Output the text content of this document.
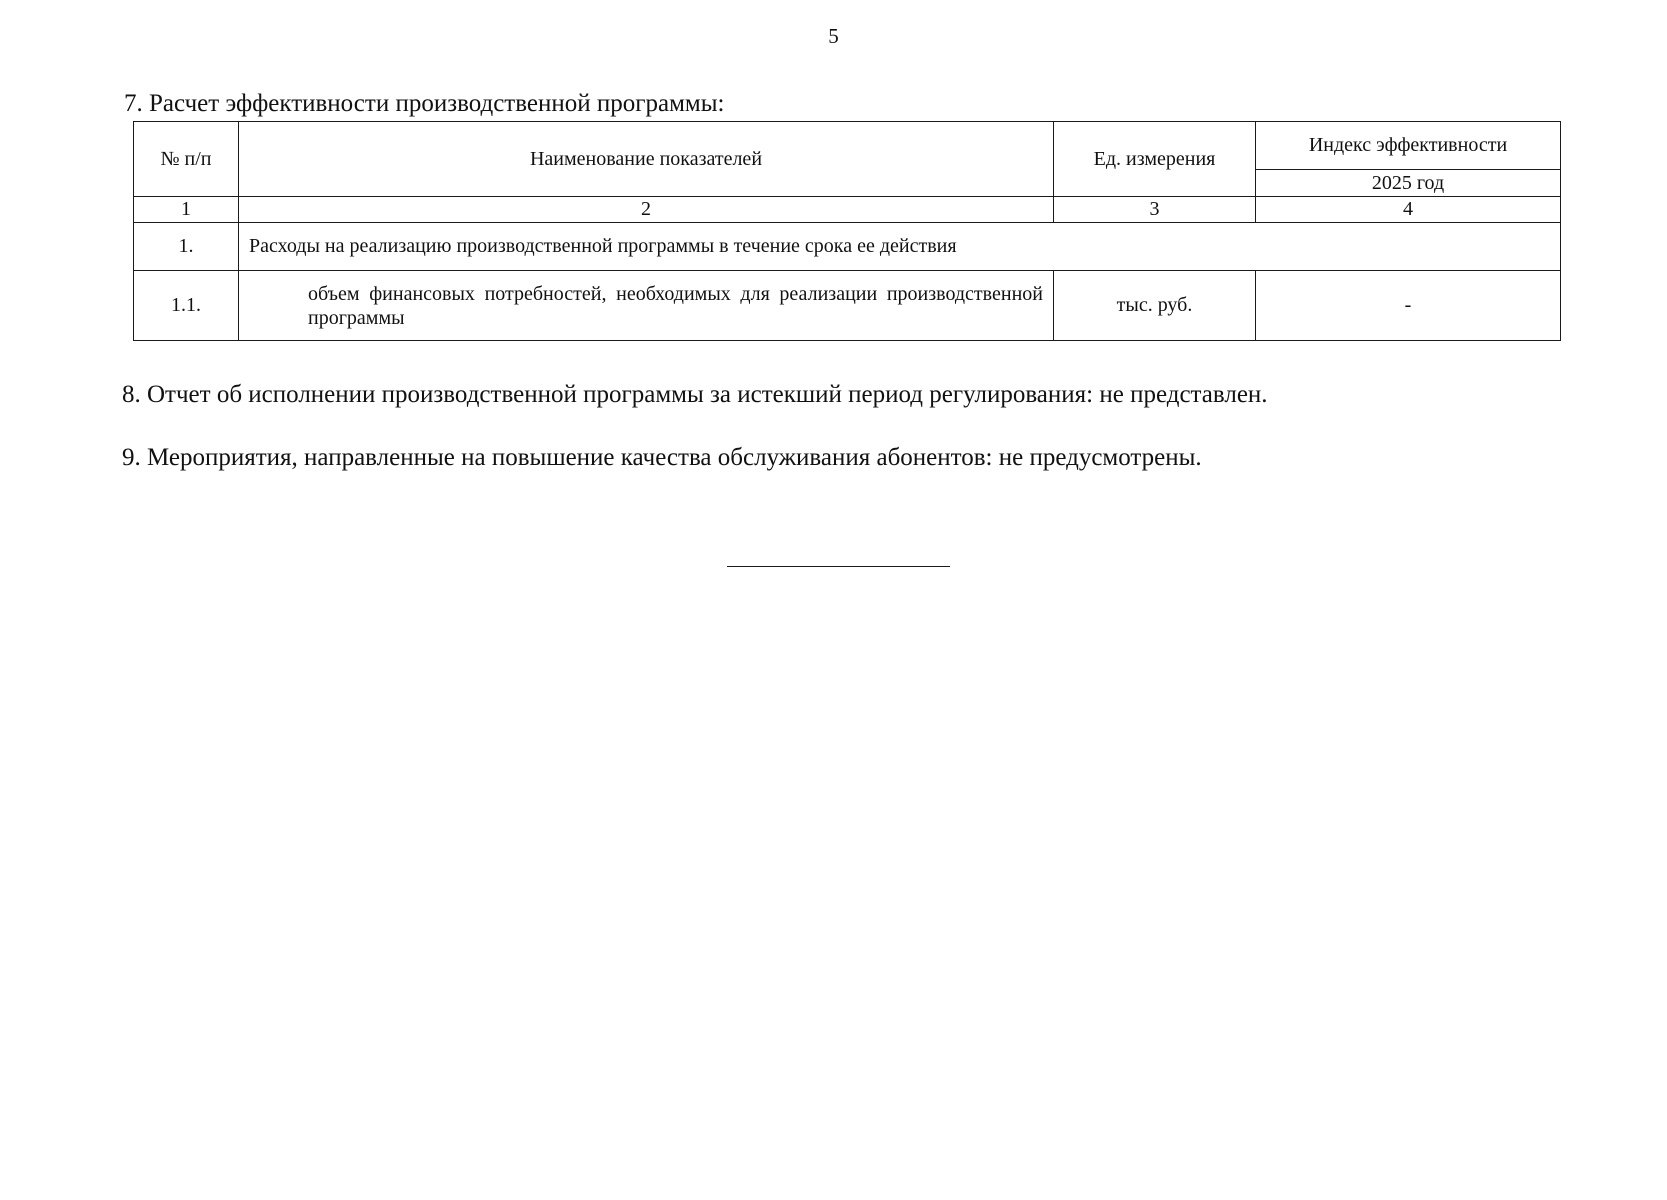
5
7. Расчет эффективности производственной программы:
№ п/п	Наименование показателей	Ед. измерения	Индекс эффективности
			2025 год
1	2	3	4
1.	Расходы на реализацию производственной программы в течение срока ее действия		
1.1.	объем финансовых потребностей, необходимых для реализации производственной программы	тыс. руб.	-
8. Отчет об исполнении производственной программы за истекший период регулирования: не представлен.
9. Мероприятия, направленные на повышение качества обслуживания абонентов: не предусмотрены.
